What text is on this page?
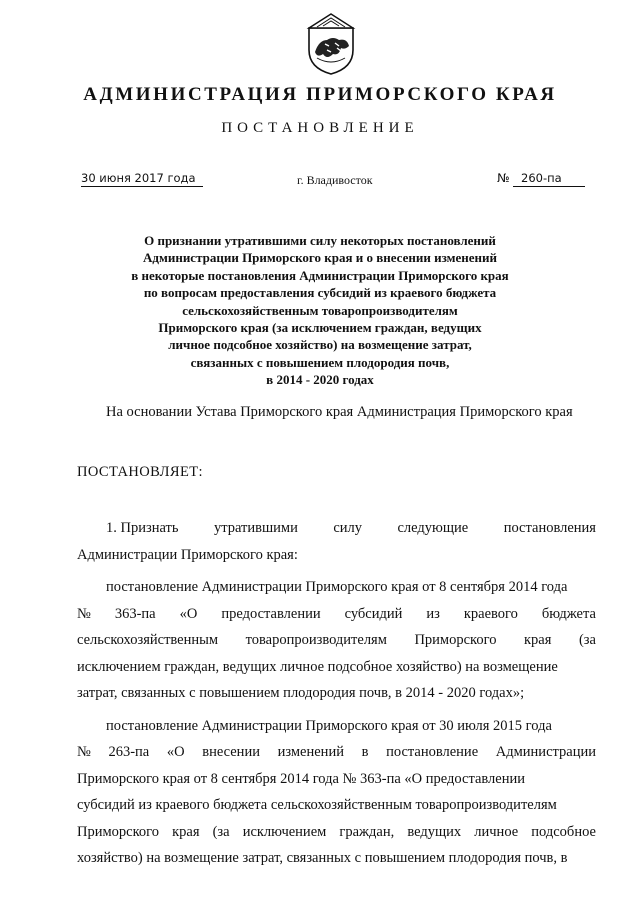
АДМИНИСТРАЦИЯ ПРИМОРСКОГО КРАЯ
ПОСТАНОВЛЕНИЕ
30 июня 2017 года	г. Владивосток	№	260-па
О признании утратившими силу некоторых постановлений
Администрации Приморского края и о внесении изменений
в некоторые постановления Администрации Приморского края
по вопросам предоставления субсидий из краевого бюджета
сельскохозяйственным товаропроизводителям
Приморского края (за исключением граждан, ведущих
личное подсобное хозяйство) на возмещение затрат,
связанных с повышением плодородия почв,
в 2014 - 2020 годах
На основании Устава Приморского края Администрация Приморского края
ПОСТАНОВЛЯЕТ:
1. Признать утратившими силу следующие постановления
Администрации Приморского края:
постановление Администрации Приморского края от 8 сентября 2014 года
№ 363-па «О предоставлении субсидий из краевого бюджета
сельскохозяйственным товаропроизводителям Приморского края (за
исключением граждан, ведущих личное подсобное хозяйство) на возмещение
затрат, связанных с повышением плодородия почв, в 2014 - 2020 годах»;
постановление Администрации Приморского края от 30 июля 2015 года
№ 263-па «О внесении изменений в постановление Администрации
Приморского края от 8 сентября 2014 года № 363-па «О предоставлении
субсидий из краевого бюджета сельскохозяйственным товаропроизводителям
Приморского края (за исключением граждан, ведущих личное подсобное
хозяйство) на возмещение затрат, связанных с повышением плодородия почв, в
